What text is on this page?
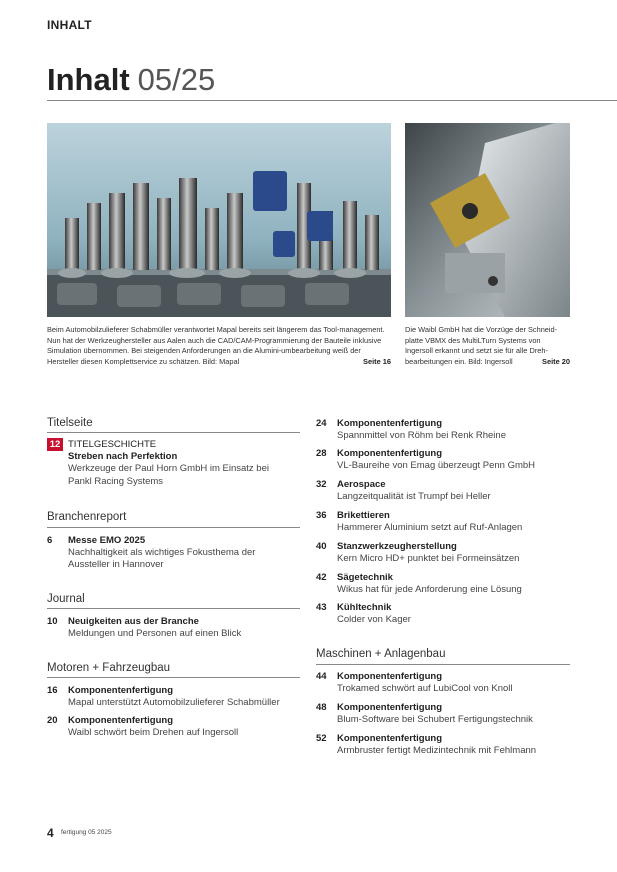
INHALT
Inhalt 05/25
Beim Automobilzulieferer Schabmüller verantwortet Mapal bereits seit längerem das Tool-management. Nun hat der Werkzeughersteller aus Aalen auch die CAD/CAM-Programmierung der Bauteile inklusive Simulation übernommen. Bei steigenden Anforderungen an die Alumini-umbearbeitung weiß der Hersteller diesen Komplettservice zu schätzen. Bild: Mapal	Seite 16
Die Waibl GmbH hat die Vorzüge der Schneid-platte VBMX des MultiLTurn Systems von Ingersoll erkannt und setzt sie für alle Dreh-bearbeitungen ein. Bild: Ingersoll	Seite 20
Titelseite
12 TITELGESCHICHTE
Streben nach Perfektion
Werkzeuge der Paul Horn GmbH im Einsatz bei
Pankl Racing Systems
Branchenreport
6 Messe EMO 2025
Nachhaltigkeit als wichtiges Fokusthema der
Aussteller in Hannover
Journal
10 Neuigkeiten aus der Branche
Meldungen und Personen auf einen Blick
Motoren + Fahrzeugbau
16 Komponentenfertigung
Mapal unterstützt Automobilzulieferer Schabmüller
20 Komponentenfertigung
Waibl schwört beim Drehen auf Ingersoll
24 Komponentenfertigung
Spannmittel von Röhm bei Renk Rheine
28 Komponentenfertigung
VL-Baureihe von Emag überzeugt Penn GmbH
32 Aerospace
Langzeitqualität ist Trumpf bei Heller
36 Brikettieren
Hammerer Aluminium setzt auf Ruf-Anlagen
40 Stanzwerkzeugherstellung
Kern Micro HD+ punktet bei Formeinsätzen
42 Sägetechnik
Wikus hat für jede Anforderung eine Lösung
43 Kühltechnik
Colder von Kager
Maschinen + Anlagenbau
44 Komponentenfertigung
Trokamed schwört auf LubiCool von Knoll
48 Komponentenfertigung
Blum-Software bei Schubert Fertigungstechnik
52 Komponentenfertigung
Armbruster fertigt Medizintechnik mit Fehlmann
4 fertigung 05 2025
